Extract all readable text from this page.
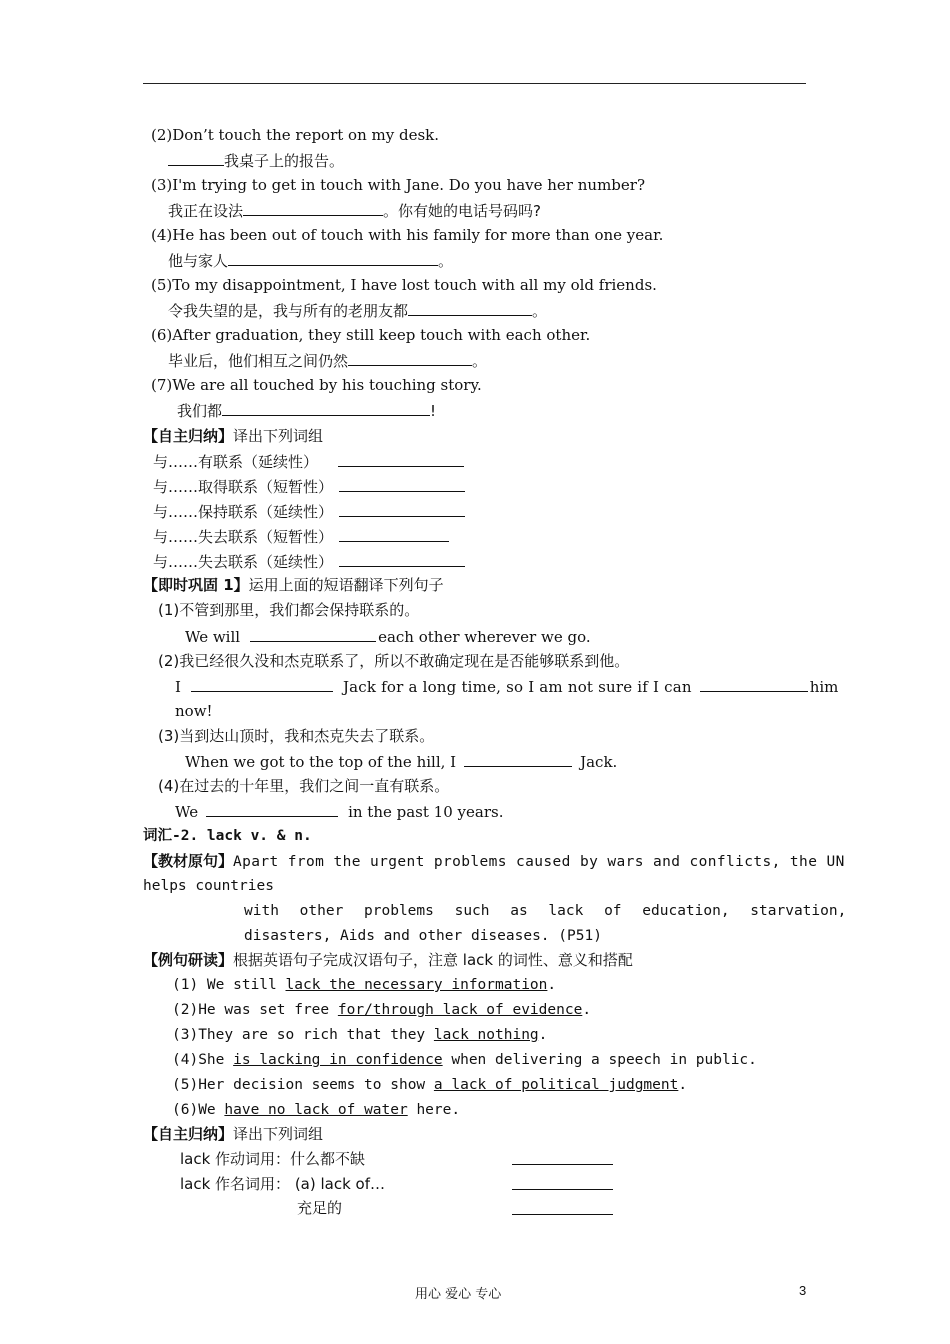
(2)Don’t touch the report on my desk.
我桌子上的报告。
(3)I'm trying to get in touch with Jane. Do you have her number?
我正在设法	。你有她的电话号码吗?
(4)He has been out of touch with his family for more than one year.
他与家人	。
(5)To my disappointment, I have lost touch with all my old friends.
令我失望的是，我与所有的老朋友都	。
(6)After graduation, they still keep touch with each other.
毕业后，他们相互之间仍然	。
(7)We are all touched by his touching story.
我们都	!
【自主归纳】译出下列词组
与……有联系（延续性）
与……取得联系（短暂性）
与……保持联系（延续性）
与……失去联系（短暂性）
与……失去联系（延续性）
【即时巩固 1】运用上面的短语翻译下列句子
(1)不管到那里，我们都会保持联系的。
We will	each other wherever we go.
(2)我已经很久没和杰克联系了，所以不敢确定现在是否能够联系到他。
I	Jack for a long time, so I am not sure if I can	him
now!
(3)当到达山顶时，我和杰克失去了联系。
When we got to the top of the hill, I	Jack.
(4)在过去的十年里，我们之间一直有联系。
We	in the past 10 years.
词汇-2. lack v. & n.
【教材原句】Apart from the urgent problems caused by wars and conflicts, the UN
helps countries
with other problems such as lack of education, starvation,
disasters, Aids and other diseases. (P51)
【例句研读】根据英语句子完成汉语句子，注意 lack 的词性、意义和搭配
(1) We still lack the necessary information.
(2)He was set free for/through lack of evidence.
(3)They are so rich that they lack nothing.
(4)She is lacking in confidence when delivering a speech in public.
(5)Her decision seems to show a lack of political judgment.
(6)We have no lack of water here.
【自主归纳】译出下列词组
lack 作动词用：什么都不缺
lack 作名词用： (a) lack of…
充足的
用心 爱心 专心	3
